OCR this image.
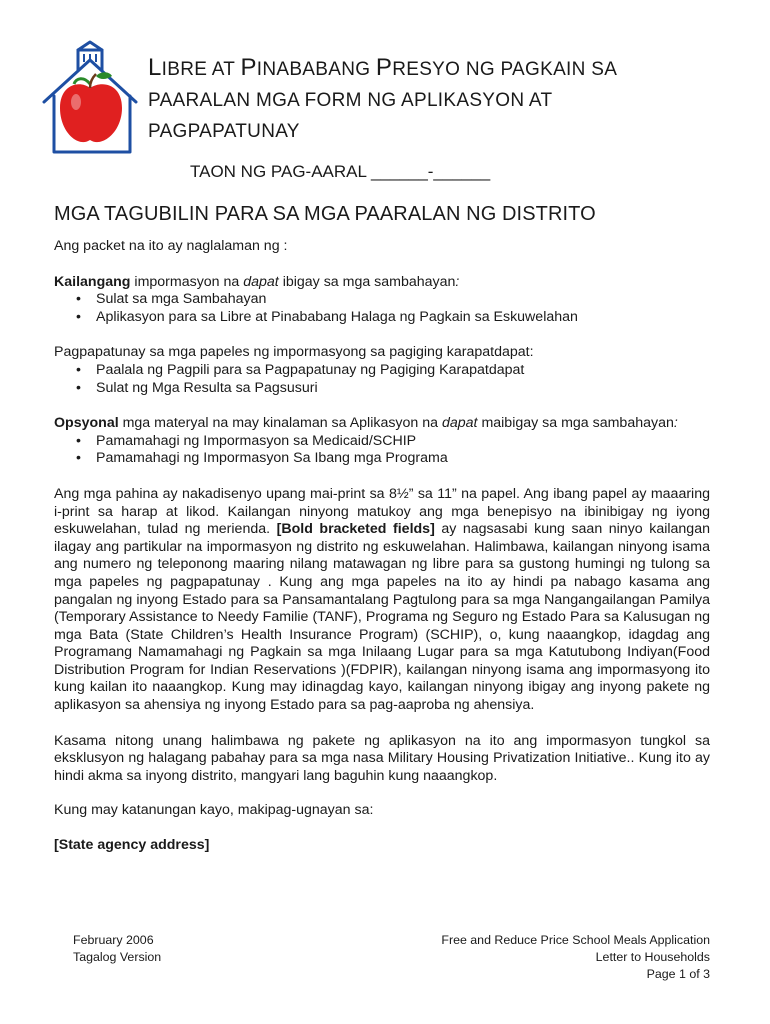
LIBRE AT PINABABANG PRESYO NG PAGKAIN SA
PAARALAN MGA FORM NG APLIKASYON AT
PAGPAPATUNAY
TAON NG PAG-AARAL ______-______
MGA TAGUBILIN PARA SA MGA PAARALAN NG DISTRITO

Ang packet na ito ay naglalaman ng :

Kailangang impormasyon na dapat ibigay sa mga sambahayan:

• Sulat sa mga Sambahayan
• Aplikasyon para sa Libre at Pinababang Halaga ng Pagkain sa Eskuwelahan

Pagpapatunay sa mga papeles ng impormasyong sa pagiging karapatdapat:

• Paalala ng Pagpili para sa Pagpapatunay ng Pagiging Karapatdapat
• Sulat ng Mga Resulta sa Pagsusuri

Opsyonal mga materyal na may kinalaman sa Aplikasyon na dapat maibigay sa mga sambahayan:

• Pamamahagi ng Impormasyon sa Medicaid/SCHIP
• Pamamahagi ng Impormasyon Sa Ibang mga Programa

Ang mga pahina ay nakadisenyo upang mai-print sa 8½” sa 11” na papel. Ang ibang papel ay maaaring i-print sa harap at likod. Kailangan ninyong matukoy ang mga benepisyo na ibinibigay ng iyong eskuwelahan, tulad ng merienda. [Bold bracketed fields] ay nagsasabi kung saan ninyo kailangan ilagay ang partikular na impormasyon ng distrito ng eskuwelahan. Halimbawa, kailangan ninyong isama ang numero ng teleponong maaring nilang matawagan ng libre para sa gustong humingi ng tulong sa mga papeles ng pagpapatunay . Kung ang mga papeles na ito ay hindi pa nabago kasama ang pangalan ng inyong Estado para sa Pansamantalang Pagtulong para sa mga Nangangailangan Pamilya (Temporary Assistance to Needy Familie (TANF), Programa ng Seguro ng Estado Para sa Kalusugan ng mga Bata (State Children’s Health Insurance Program) (SCHIP), o, kung naaangkop, idagdag ang Programang Namamahagi ng Pagkain sa mga Inilaang Lugar para sa mga Katutubong Indiyan(Food Distribution Program for Indian Reservations )(FDPIR), kailangan ninyong isama ang impormasyong ito kung kailan ito naaangkop. Kung may idinagdag kayo, kailangan ninyong ibigay ang inyong pakete ng aplikasyon sa ahensiya ng inyong Estado para sa pag-aaproba ng ahensiya.

Kasama nitong unang halimbawa ng pakete ng aplikasyon na ito ang impormasyon tungkol sa eksklusyon ng halagang pabahay para sa mga nasa Military Housing Privatization Initiative.. Kung ito ay hindi akma sa inyong distrito, mangyari lang baguhin kung naaangkop.

Kung may katanungan kayo, makipag-ugnayan sa:

[State agency address]

February 2006
Tagalog Version
Free and Reduce Price School Meals Application
Letter to Households
Page 1 of 3
